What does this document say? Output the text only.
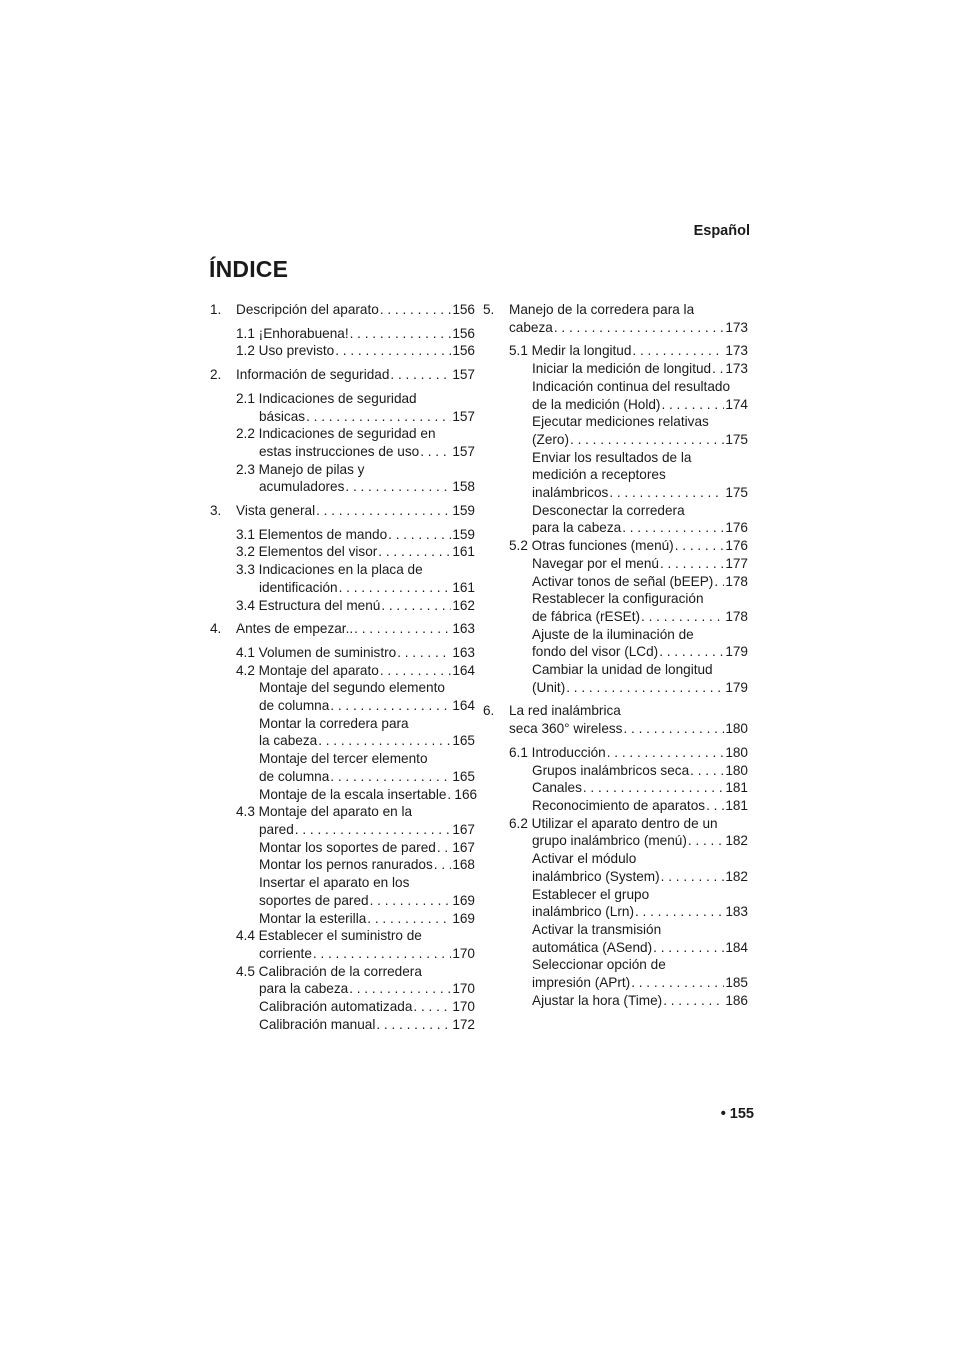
Español
ÍNDICE
1.	Descripción del aparato . . .	156
1.1 ¡Enhorabuena! . . .	156
1.2 Uso previsto . . .	156
2.	Información de seguridad . . .	157
2.1 Indicaciones de seguridad
básicas . . .	157
2.2 Indicaciones de seguridad en
estas instrucciones de uso . . . 157
2.3 Manejo de pilas y
acumuladores . . .	158
3.	Vista general . . .	159
3.1 Elementos de mando . . .	159
3.2 Elementos del visor . . .	161
3.3 Indicaciones en la placa de
identificación . . .	161
3.4 Estructura del menú . . .	162
4.	Antes de empezar.. . . .	163
4.1 Volumen de suministro . . .	163
4.2 Montaje del aparato . . .	164
Montaje del segundo elemento
de columna . . .	164
Montar la corredera para
la cabeza . . .	165
Montaje del tercer elemento
de columna . . .	165
Montaje de la escala insertable . . . 166
4.3 Montaje del aparato en la
pared . . .	167
Montar los soportes de pared . . . 167
Montar los pernos ranurados . . . 168
Insertar el aparato en los
soportes de pared . . .	169
Montar la esterilla . . .	169
4.4 Establecer el suministro de
corriente . . .	170
4.5 Calibración de la corredera
para la cabeza . . .	170
Calibración automatizada . . .	170
Calibración manual . . .	172
5.	Manejo de la corredera para la
cabeza . . .	173
5.1 Medir la longitud . . .	173
Iniciar la medición de longitud . . . 173
Indicación continua del resultado
de la medición (Hold) . . .	174
Ejecutar mediciones relativas
(Zero) . . .	175
Enviar los resultados de la
medición a receptores
inalámbricos . . .	175
Desconectar la corredera
para la cabeza . . .	176
5.2 Otras funciones (menú) . . .	176
Navegar por el menú . . .	177
Activar tonos de señal (bEEP) . . . 178
Restablecer la configuración
de fábrica (rESEt) . . .	178
Ajuste de la iluminación de
fondo del visor (LCd) . . .	179
Cambiar la unidad de longitud
(Unit) . . .	179
6.	La red inalámbrica
seca 360° wireless . . .	180
6.1 Introducción . . .	180
Grupos inalámbricos seca . . .	180
Canales . . .	181
Reconocimiento de aparatos . . . 181
6.2 Utilizar el aparato dentro de un
grupo inalámbrico (menú) . . .	182
Activar el módulo
inalámbrico (System) . . .	182
Establecer el grupo
inalámbrico (Lrn) . . .	183
Activar la transmisión
automática (ASend) . . .	184
Seleccionar opción de
impresión (APrt) . . .	185
Ajustar la hora (Time) . . .	186
• 155
